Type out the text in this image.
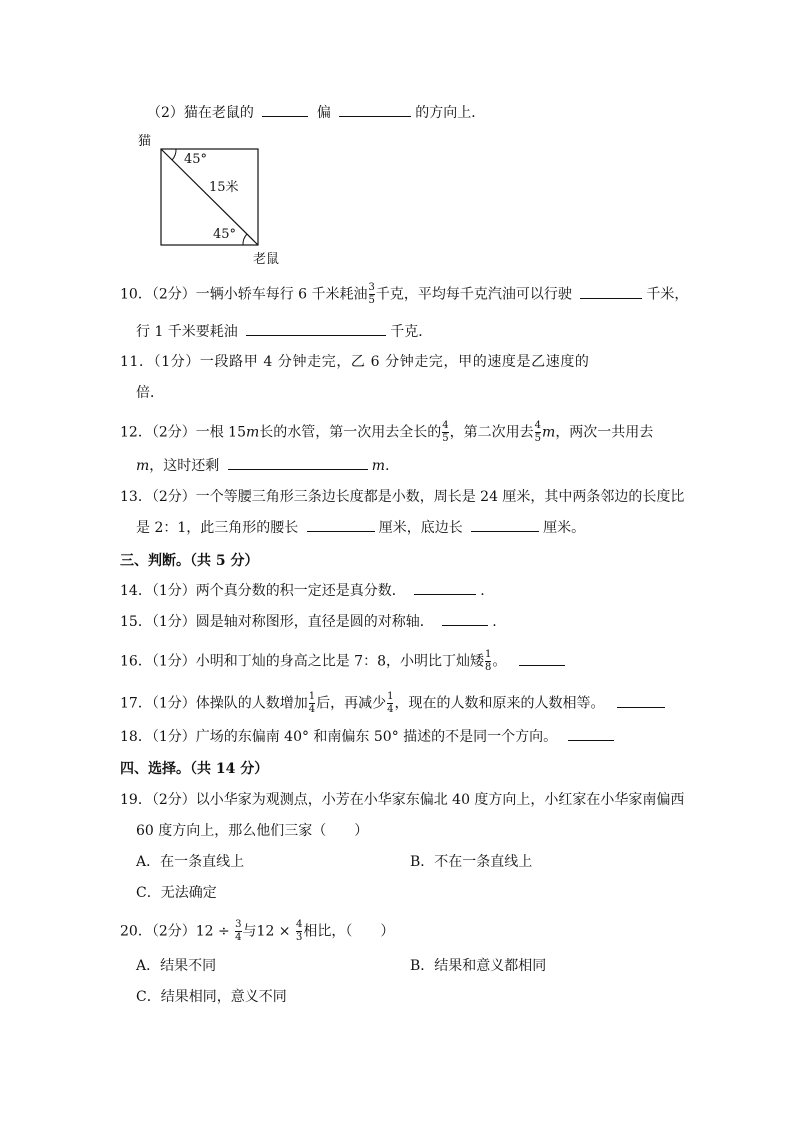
（2）猫在老鼠的	偏	的方向上．
猫
45°
15米
45°
老鼠
10．（2分）一辆小轿车每行 6 千米耗油 $\frac{3}{5}$ 千克，平均每千克汽油可以行驶	千米，
行 1 千米要耗油	千克．
11．（1分）一段路甲 4 分钟走完，乙 6 分钟走完，甲的速度是乙速度的
倍．
12．（2分）一根 15m长的水管，第一次用去全长的 $\frac{4}{5}$ ，第二次用去 $\frac{4}{5}$ m，两次一共用去
m，这时还剩	m.
13．（2分）一个等腰三角形三条边长度都是小数，周长是 24 厘米，其中两条邻边的长度比
是 2：1，此三角形的腰长	厘米，底边长	厘米。
三、判断。（共 5 分）
14．（1分）两个真分数的积一定还是真分数．	.
15．（1分）圆是轴对称图形，直径是圆的对称轴．	.
16．（1分）小明和丁灿的身高之比是 7：8，小明比丁灿矮 $\frac{1}{8}$ 。
17．（1分）体操队的人数增加 $\frac{1}{4}$ 后，再减少 $\frac{1}{4}$ ，现在的人数和原来的人数相等。
18．（1分）广场的东偏南 40° 和南偏东 50° 描述的不是同一个方向。
四、选择。（共 14 分）
19．（2分）以小华家为观测点，小芳在小华家东偏北 40 度方向上，小红家在小华家南偏西
60 度方向上，那么他们三家（　　）
A．在一条直线上	B．不在一条直线上
C．无法确定
20．（2分）$12 \div \frac{3}{4}$ 与$12 \times \frac{4}{3}$ 相比，（　　）
A．结果不同	B．结果和意义都相同
C．结果相同，意义不同
